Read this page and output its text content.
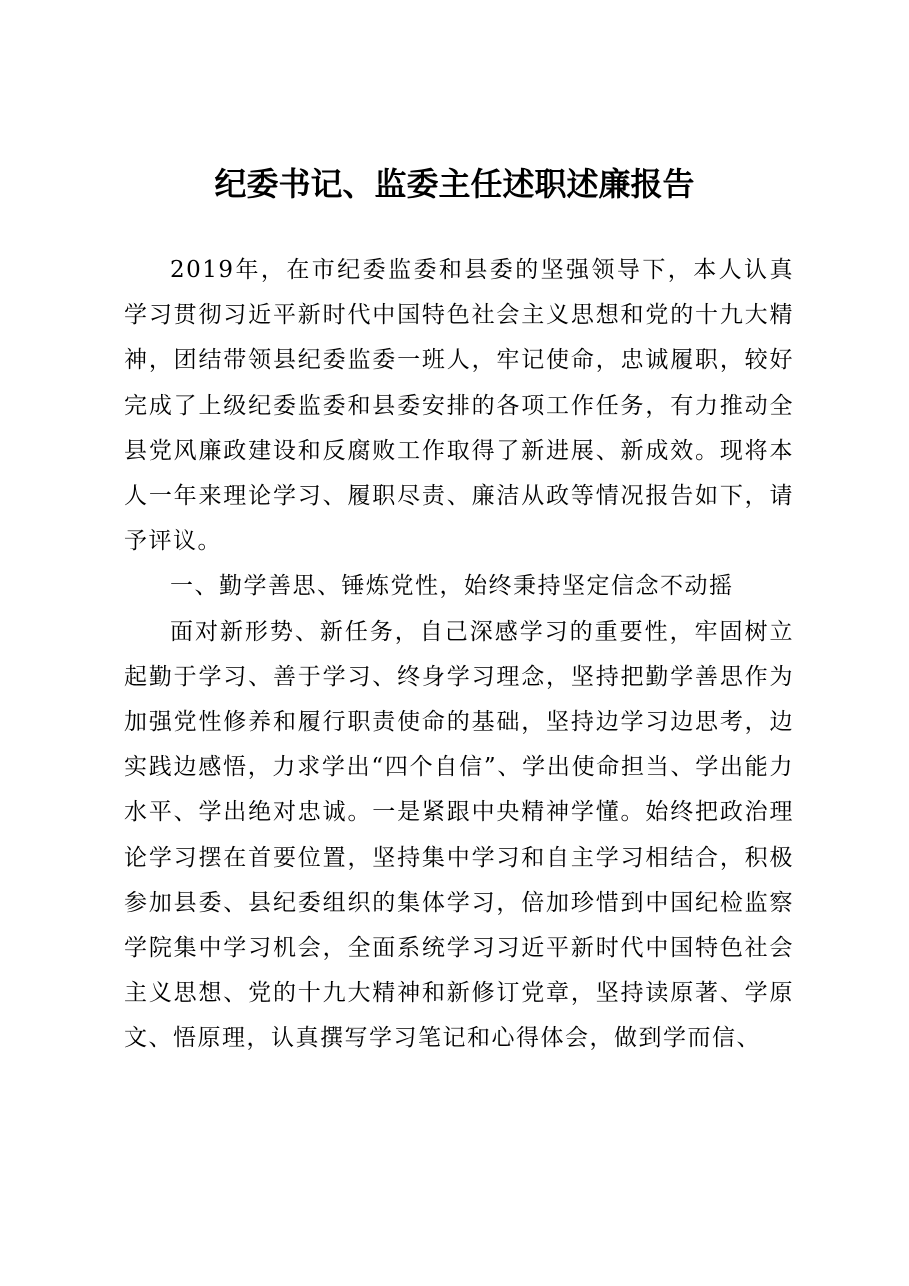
纪委书记、监委主任述职述廉报告

2019年，在市纪委监委和县委的坚强领导下，本人认真学习贯彻习近平新时代中国特色社会主义思想和党的十九大精神，团结带领县纪委监委一班人，牢记使命，忠诚履职，较好完成了上级纪委监委和县委安排的各项工作任务，有力推动全县党风廉政建设和反腐败工作取得了新进展、新成效。现将本人一年来理论学习、履职尽责、廉洁从政等情况报告如下，请予评议。

一、勤学善思、锤炼党性，始终秉持坚定信念不动摇

面对新形势、新任务，自己深感学习的重要性，牢固树立起勤于学习、善于学习、终身学习理念，坚持把勤学善思作为加强党性修养和履行职责使命的基础，坚持边学习边思考，边实践边感悟，力求学出“四个自信”、学出使命担当、学出能力水平、学出绝对忠诚。一是紧跟中央精神学懂。始终把政治理论学习摆在首要位置，坚持集中学习和自主学习相结合，积极参加县委、县纪委组织的集体学习，倍加珍惜到中国纪检监察学院集中学习机会，全面系统学习习近平新时代中国特色社会主义思想、党的十九大精神和新修订党章，坚持读原著、学原文、悟原理，认真撰写学习笔记和心得体会，做到学而信、
